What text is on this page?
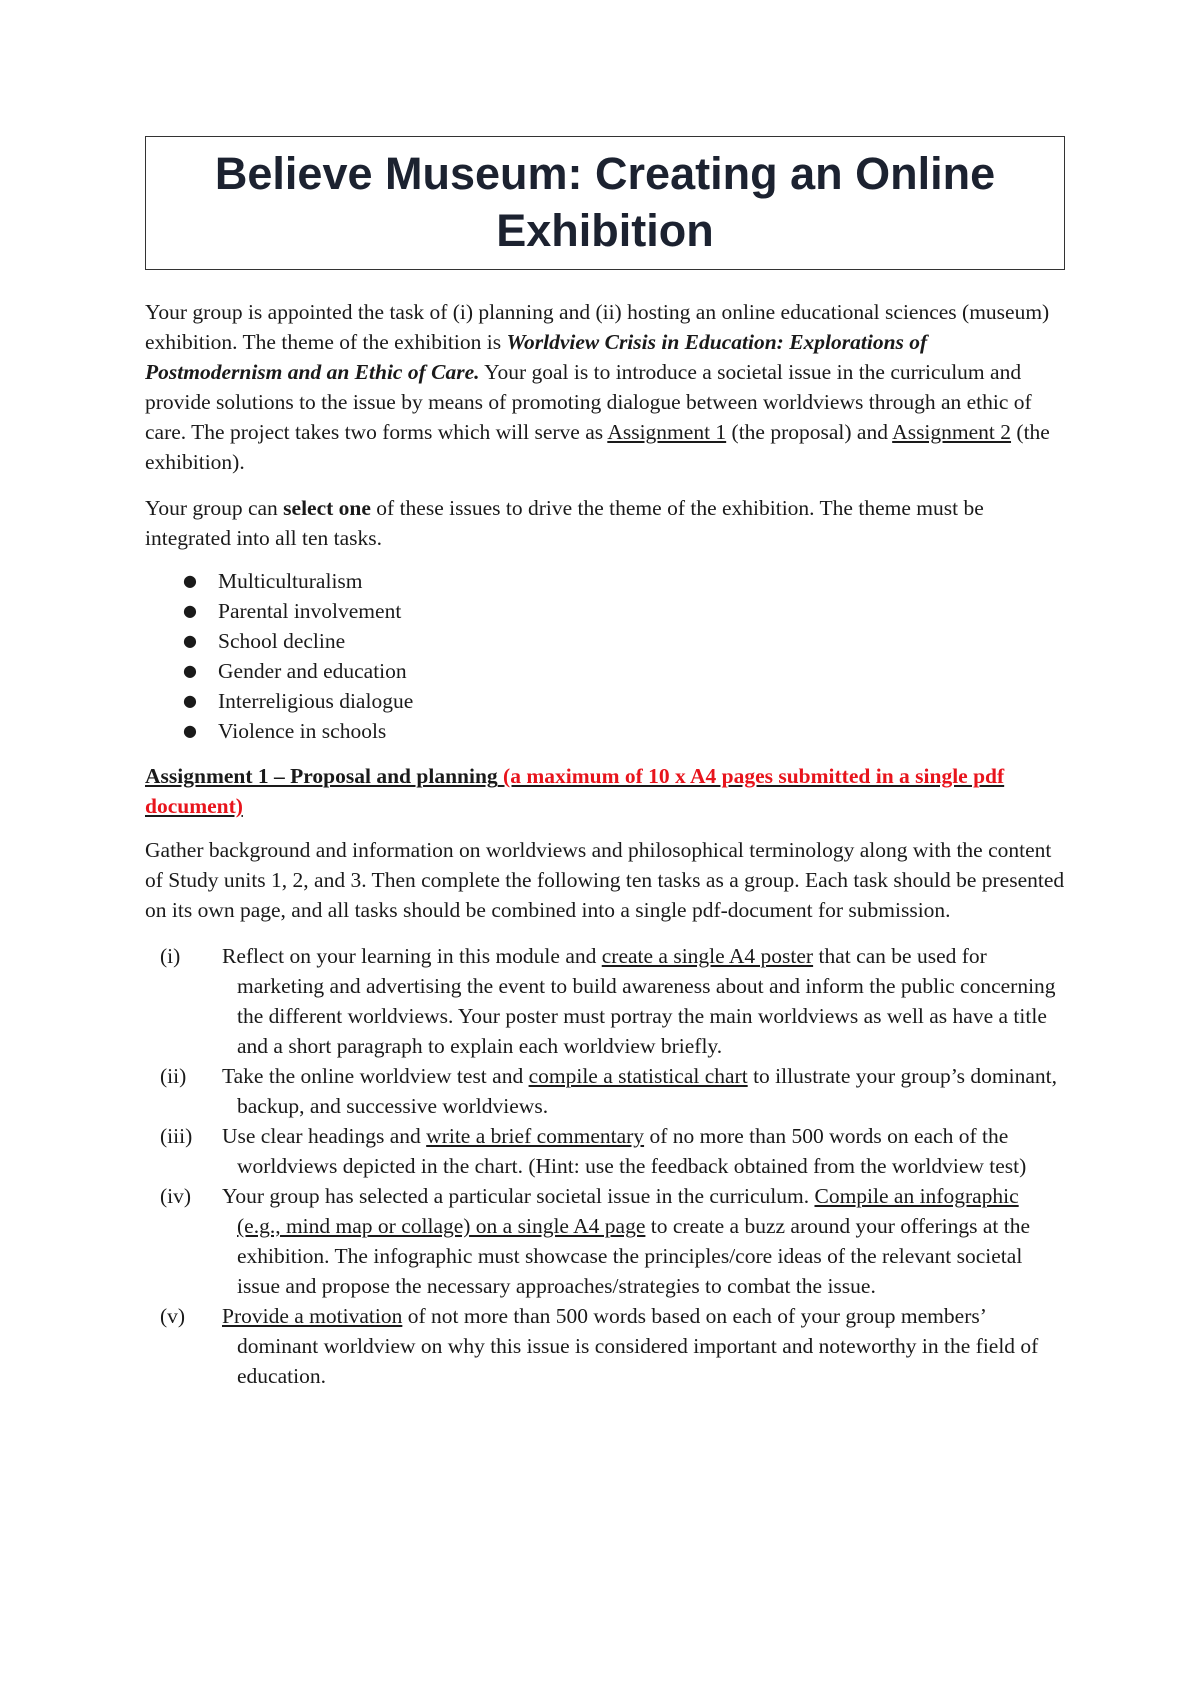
Believe Museum: Creating an Online Exhibition

Your group is appointed the task of (i) planning and (ii) hosting an online educational sciences (museum) exhibition. The theme of the exhibition is Worldview Crisis in Education: Explorations of Postmodernism and an Ethic of Care. Your goal is to introduce a societal issue in the curriculum and provide solutions to the issue by means of promoting dialogue between worldviews through an ethic of care. The project takes two forms which will serve as Assignment 1 (the proposal) and Assignment 2 (the exhibition).

Your group can select one of these issues to drive the theme of the exhibition. The theme must be integrated into all ten tasks.

● Multiculturalism
● Parental involvement
● School decline
● Gender and education
● Interreligious dialogue
● Violence in schools

Assignment 1 – Proposal and planning (a maximum of 10 x A4 pages submitted in a single pdf document)

Gather background and information on worldviews and philosophical terminology along with the content of Study units 1, 2, and 3. Then complete the following ten tasks as a group. Each task should be presented on its own page, and all tasks should be combined into a single pdf-document for submission.

(i)	Reflect on your learning in this module and create a single A4 poster that can be used for marketing and advertising the event to build awareness about and inform the public concerning the different worldviews. Your poster must portray the main worldviews as well as have a title and a short paragraph to explain each worldview briefly.
(ii)	Take the online worldview test and compile a statistical chart to illustrate your group’s dominant, backup, and successive worldviews.
(iii)	Use clear headings and write a brief commentary of no more than 500 words on each of the worldviews depicted in the chart. (Hint: use the feedback obtained from the worldview test)
(iv)	Your group has selected a particular societal issue in the curriculum. Compile an infographic (e.g., mind map or collage) on a single A4 page to create a buzz around your offerings at the exhibition. The infographic must showcase the principles/core ideas of the relevant societal issue and propose the necessary approaches/strategies to combat the issue.
(v)	Provide a motivation of not more than 500 words based on each of your group members’ dominant worldview on why this issue is considered important and noteworthy in the field of education.
